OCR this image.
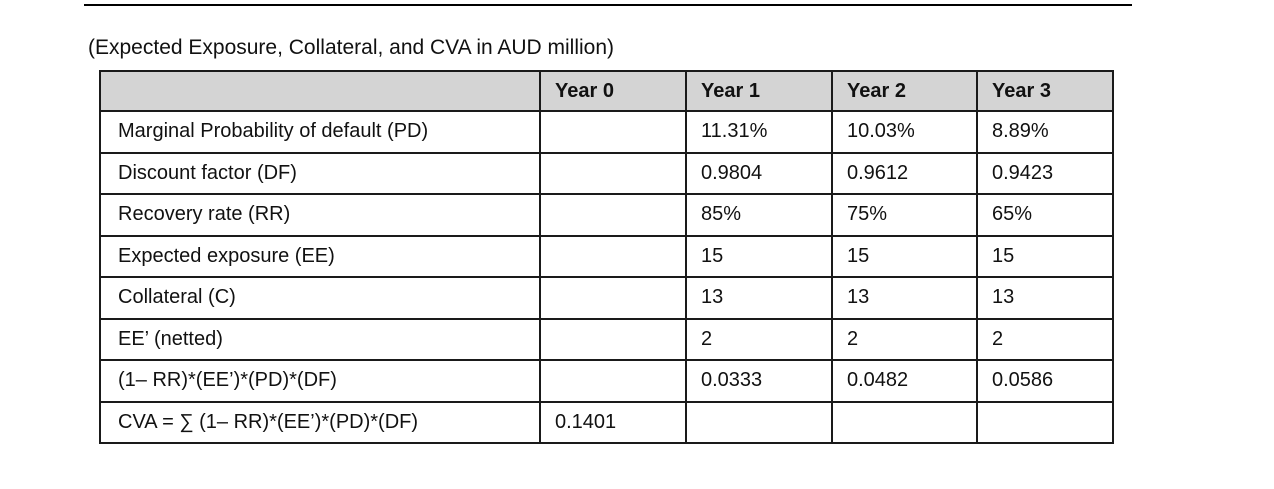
(Expected Exposure, Collateral, and CVA in AUD million)
	Year 0	Year 1	Year 2	Year 3
Marginal Probability of default (PD)		11.31%	10.03%	8.89%
Discount factor (DF)		0.9804	0.9612	0.9423
Recovery rate (RR)		85%	75%	65%
Expected exposure (EE)		15	15	15
Collateral (C)		13	13	13
EE’ (netted)		2	2	2
(1– RR)*(EE’)*(PD)*(DF)		0.0333	0.0482	0.0586
CVA = ∑ (1– RR)*(EE’)*(PD)*(DF)	0.1401			
